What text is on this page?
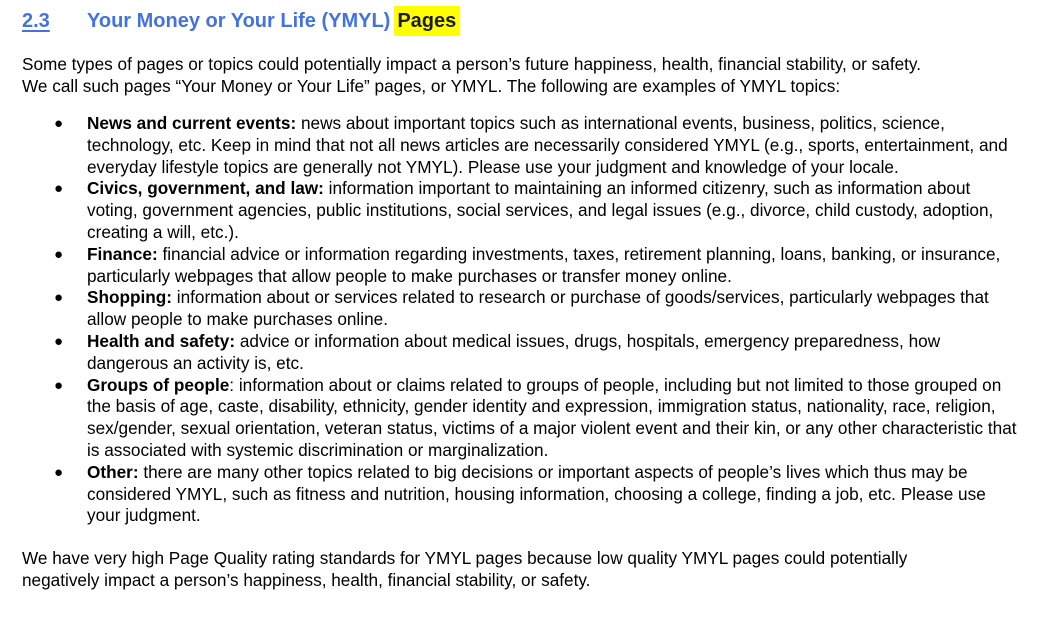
2.3	Your Money or Your Life (YMYL) Pages
Some types of pages or topics could potentially impact a person’s future happiness, health, financial stability, or safety.
We call such pages “Your Money or Your Life” pages, or YMYL. The following are examples of YMYL topics:
● News and current events: news about important topics such as international events, business, politics, science, technology, etc. Keep in mind that not all news articles are necessarily considered YMYL (e.g., sports, entertainment, and everyday lifestyle topics are generally not YMYL). Please use your judgment and knowledge of your locale.
● Civics, government, and law: information important to maintaining an informed citizenry, such as information about voting, government agencies, public institutions, social services, and legal issues (e.g., divorce, child custody, adoption, creating a will, etc.).
● Finance: financial advice or information regarding investments, taxes, retirement planning, loans, banking, or insurance, particularly webpages that allow people to make purchases or transfer money online.
● Shopping: information about or services related to research or purchase of goods/services, particularly webpages that allow people to make purchases online.
● Health and safety: advice or information about medical issues, drugs, hospitals, emergency preparedness, how dangerous an activity is, etc.
● Groups of people: information about or claims related to groups of people, including but not limited to those grouped on the basis of age, caste, disability, ethnicity, gender identity and expression, immigration status, nationality, race, religion, sex/gender, sexual orientation, veteran status, victims of a major violent event and their kin, or any other characteristic that is associated with systemic discrimination or marginalization.
● Other: there are many other topics related to big decisions or important aspects of people’s lives which thus may be considered YMYL, such as fitness and nutrition, housing information, choosing a college, finding a job, etc. Please use your judgment.
We have very high Page Quality rating standards for YMYL pages because low quality YMYL pages could potentially
negatively impact a person’s happiness, health, financial stability, or safety.
